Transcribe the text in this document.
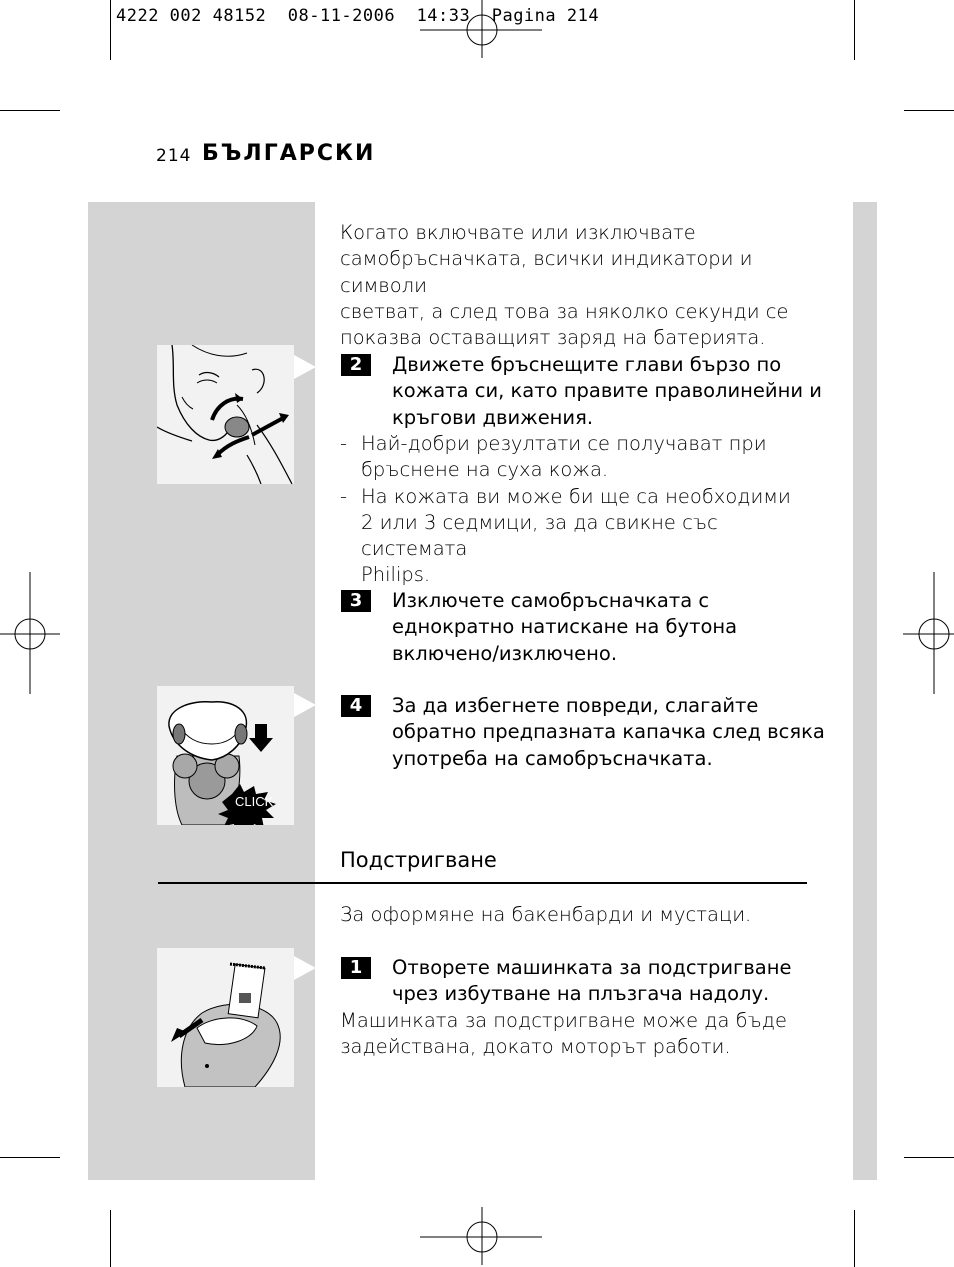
4222 002 48152  08-11-2006  14:33  Pagina 214
214 БЪЛГАРСКИ
Когато включвате или изключвате
самобръсначката, всички индикатори и символи
светват, а след това за няколко секунди се
показва оставащият заряд на батерията.
2	Движете бръснещите глави бързо по
кожата си, като правите праволинейни и
кръгови движения.
- Най-добри резултати се получават при
бръснене на суха кожа.
- На кожата ви може би ще са необходими
2 или 3 седмици, за да свикне със системата
Philips.
3	Изключете самобръсначката с
еднократно натискане на бутона
включено/изключено.
CLICK
4	За да избегнете повреди, слагайте
обратно предпазната капачка след всяка
употреба на самобръсначката.
Подстригване
За оформяне на бакенбарди и мустаци.
1	Отворете машинката за подстригване
чрез избутване на плъзгача надолу.
Машинката за подстригване може да бъде
задействана, докато моторът работи.
